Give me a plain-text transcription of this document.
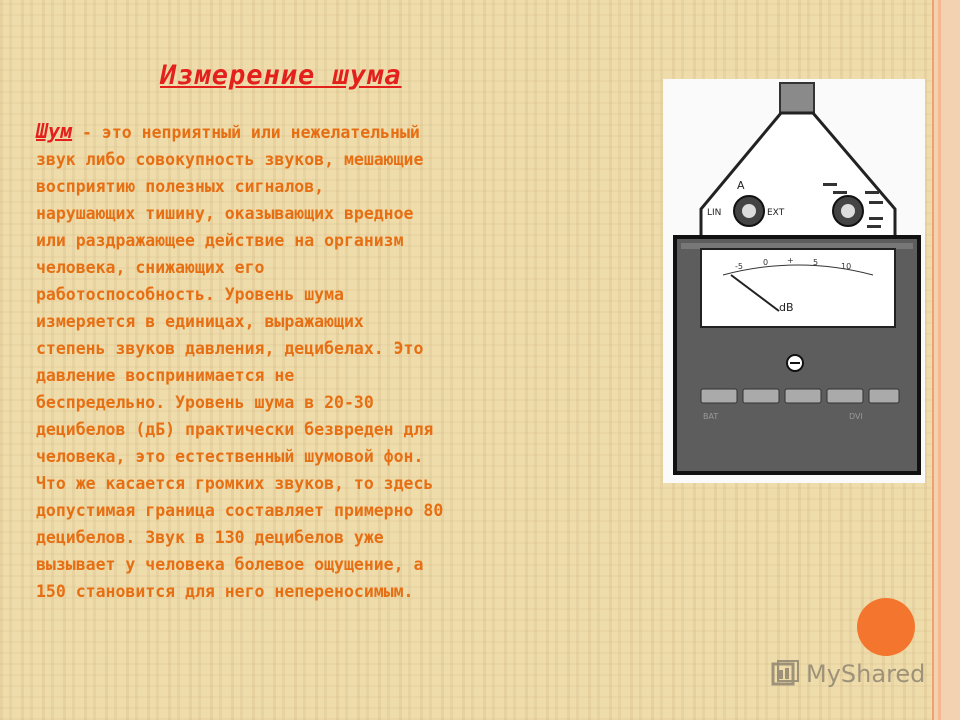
Измерение шума

Шум - это неприятный или нежелательный
звук либо совокупность звуков, мешающие
восприятию полезных сигналов,
нарушающих тишину, оказывающих вредное
или раздражающее действие на организм
человека, снижающих его
работоспособность. Уровень шума
измеряется в единицах, выражающих
степень звуков давления, децибелах. Это
давление воспринимается не
беспредельно. Уровень шума в 20-30
децибелов (дБ) практически безвреден для
человека, это естественный шумовой фон.
Что же касается громких звуков, то здесь
допустимая граница составляет примерно 80
децибелов. Звук в 130 децибелов уже
вызывает у человека болевое ощущение, а
150 становится для него непереносимым.

A
LIN	EXT
-5	0 + 5	10
dB
BAT	DVI
MyShared
